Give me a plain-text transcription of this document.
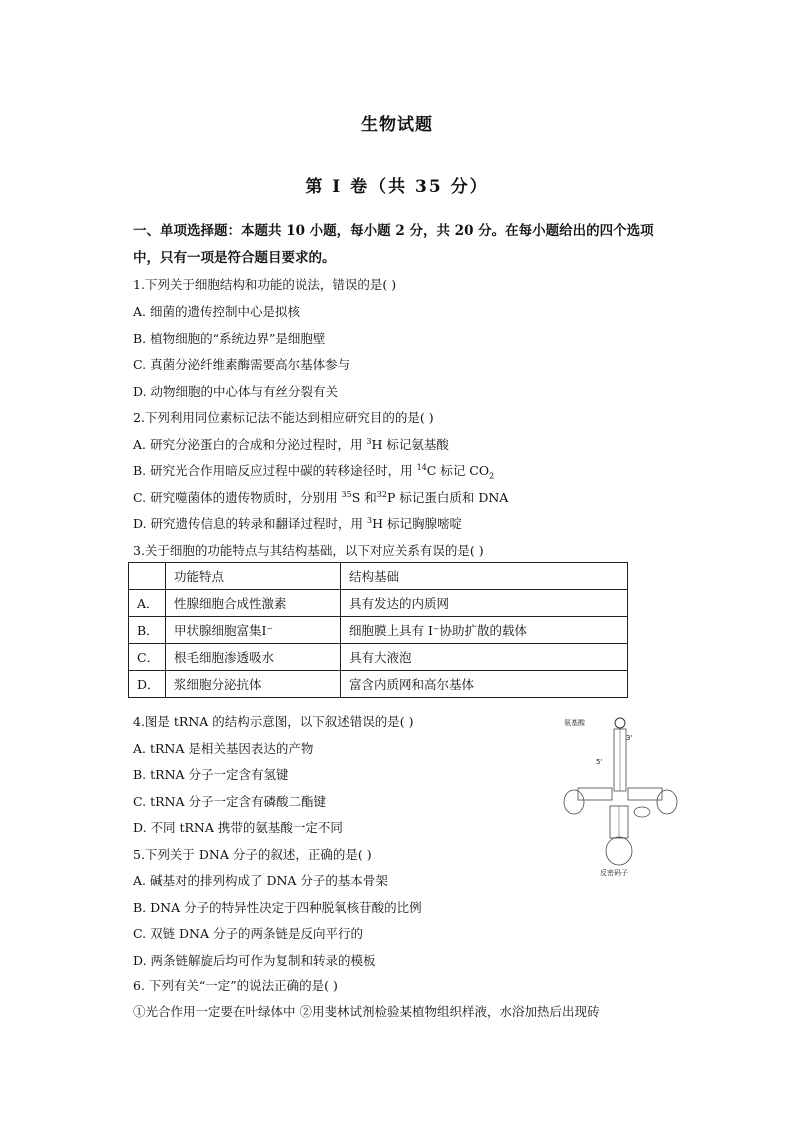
生物试题
第 I 卷（共 35 分）
一、单项选择题：本题共 10 小题，每小题 2 分，共 20 分。在每小题给出的四个选项中，只有一项是符合题目要求的。
1.下列关于细胞结构和功能的说法，错误的是( )
A. 细菌的遗传控制中心是拟核
B. 植物细胞的“系统边界”是细胞壁
C. 真菌分泌纤维素酶需要高尔基体参与
D. 动物细胞的中心体与有丝分裂有关
2.下列利用同位素标记法不能达到相应研究目的的是( )
A. 研究分泌蛋白的合成和分泌过程时，用 $^3$H 标记氨基酸
B. 研究光合作用暗反应过程中碳的转移途径时，用 $^{14}$C 标记 $CO_2$
C. 研究噬菌体的遗传物质时，分别用 $^{35}$S 和$^{32}$P 标记蛋白质和 DNA
D. 研究遗传信息的转录和翻译过程时，用 $^3$H 标记胸腺嘧啶
3.关于细胞的功能特点与其结构基础，以下对应关系有误的是( )
	功能特点	结构基础
A．	性腺细胞合成性激素	具有发达的内质网
B．	甲状腺细胞富集I⁻	细胞膜上具有 I⁻协助扩散的载体
C．	根毛细胞渗透吸水	具有大液泡
D．	浆细胞分泌抗体	富含内质网和高尔基体
4.图是 tRNA 的结构示意图，以下叙述错误的是( )
A. tRNA 是相关基因表达的产物
B. tRNA 分子一定含有氢键
C. tRNA 分子一定含有磷酸二酯键
D. 不同 tRNA 携带的氨基酸一定不同
氨基酸
3'
5'
反密码子
5.下列关于 DNA 分子的叙述，正确的是( )
A. 碱基对的排列构成了 DNA 分子的基本骨架
B. DNA 分子的特异性决定于四种脱氧核苷酸的比例
C. 双链 DNA 分子的两条链是反向平行的
D. 两条链解旋后均可作为复制和转录的模板
6. 下列有关“一定”的说法正确的是( )
①光合作用一定要在叶绿体中 ②用斐林试剂检验某植物组织样液，水浴加热后出现砖
